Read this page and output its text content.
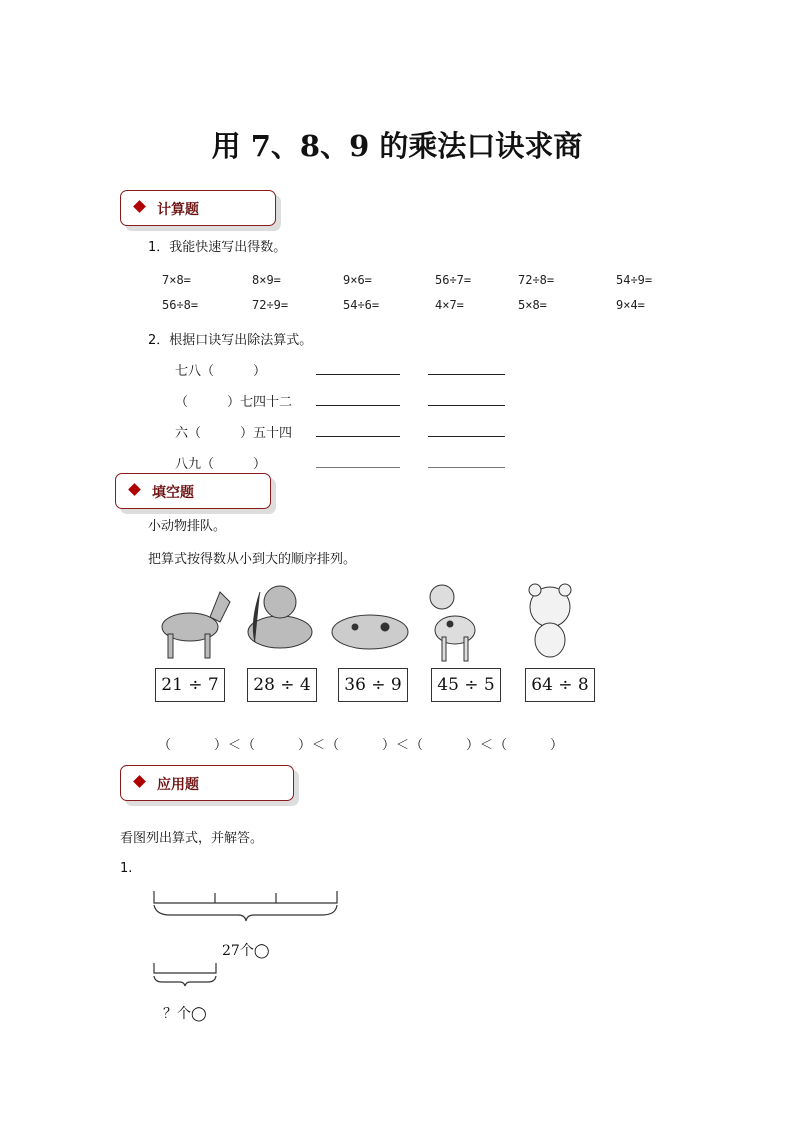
用 7、8、9 的乘法口诀求商
计算题
1．我能快速写出得数。
7×8=	8×9=	9×6=	56÷7=	72÷8=	54÷9=
56÷8=	72÷9=	54÷6=	4×7=	5×8=	9×4=
2．根据口诀写出除法算式。
七八（　　　）
（　　　）七四十二
六（　　　）五十四
八九（　　　）
填空题
小动物排队。
把算式按得数从小到大的顺序排列。
21 ÷ 7	28 ÷ 4	36 ÷ 9	45 ÷ 5	64 ÷ 8
（　　　）＜（　　　）＜（　　　）＜（　　　）＜（　　　）
应用题
看图列出算式，并解答。
1.
27个◯
？个◯
